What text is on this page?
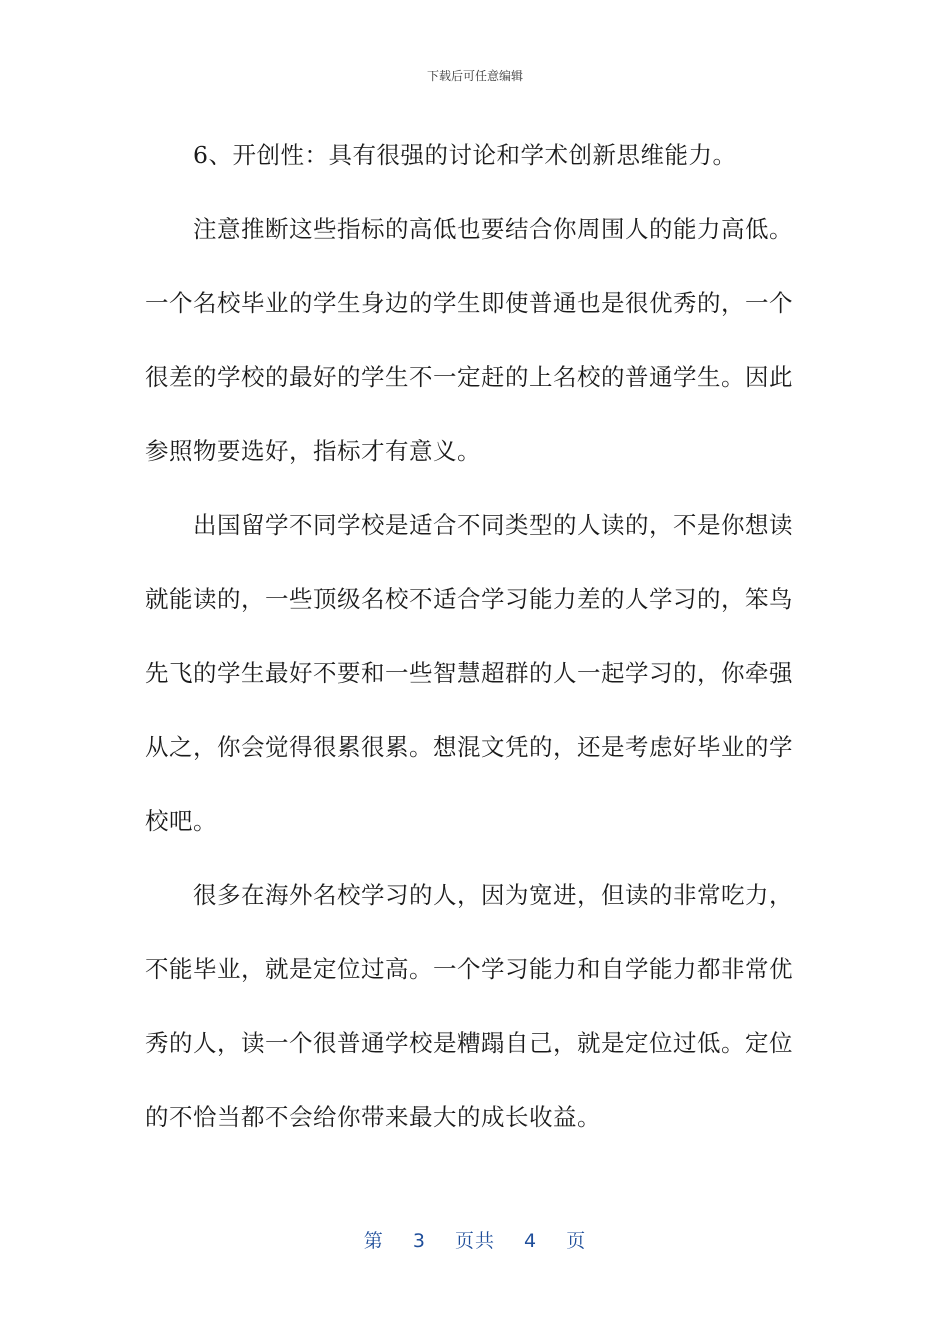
下载后可任意编辑
6、开创性：具有很强的讨论和学术创新思维能力。
注意推断这些指标的高低也要结合你周围人的能力高低。
一个名校毕业的学生身边的学生即使普通也是很优秀的，一个
很差的学校的最好的学生不一定赶的上名校的普通学生。因此
参照物要选好，指标才有意义。
出国留学不同学校是适合不同类型的人读的，不是你想读
就能读的，一些顶级名校不适合学习能力差的人学习的，笨鸟
先飞的学生最好不要和一些智慧超群的人一起学习的，你牵强
从之，你会觉得很累很累。想混文凭的，还是考虑好毕业的学
校吧。
很多在海外名校学习的人，因为宽进，但读的非常吃力，
不能毕业，就是定位过高。一个学习能力和自学能力都非常优
秀的人，读一个很普通学校是糟蹋自己，就是定位过低。定位
的不恰当都不会给你带来最大的成长收益。
第 3 页共 4 页
